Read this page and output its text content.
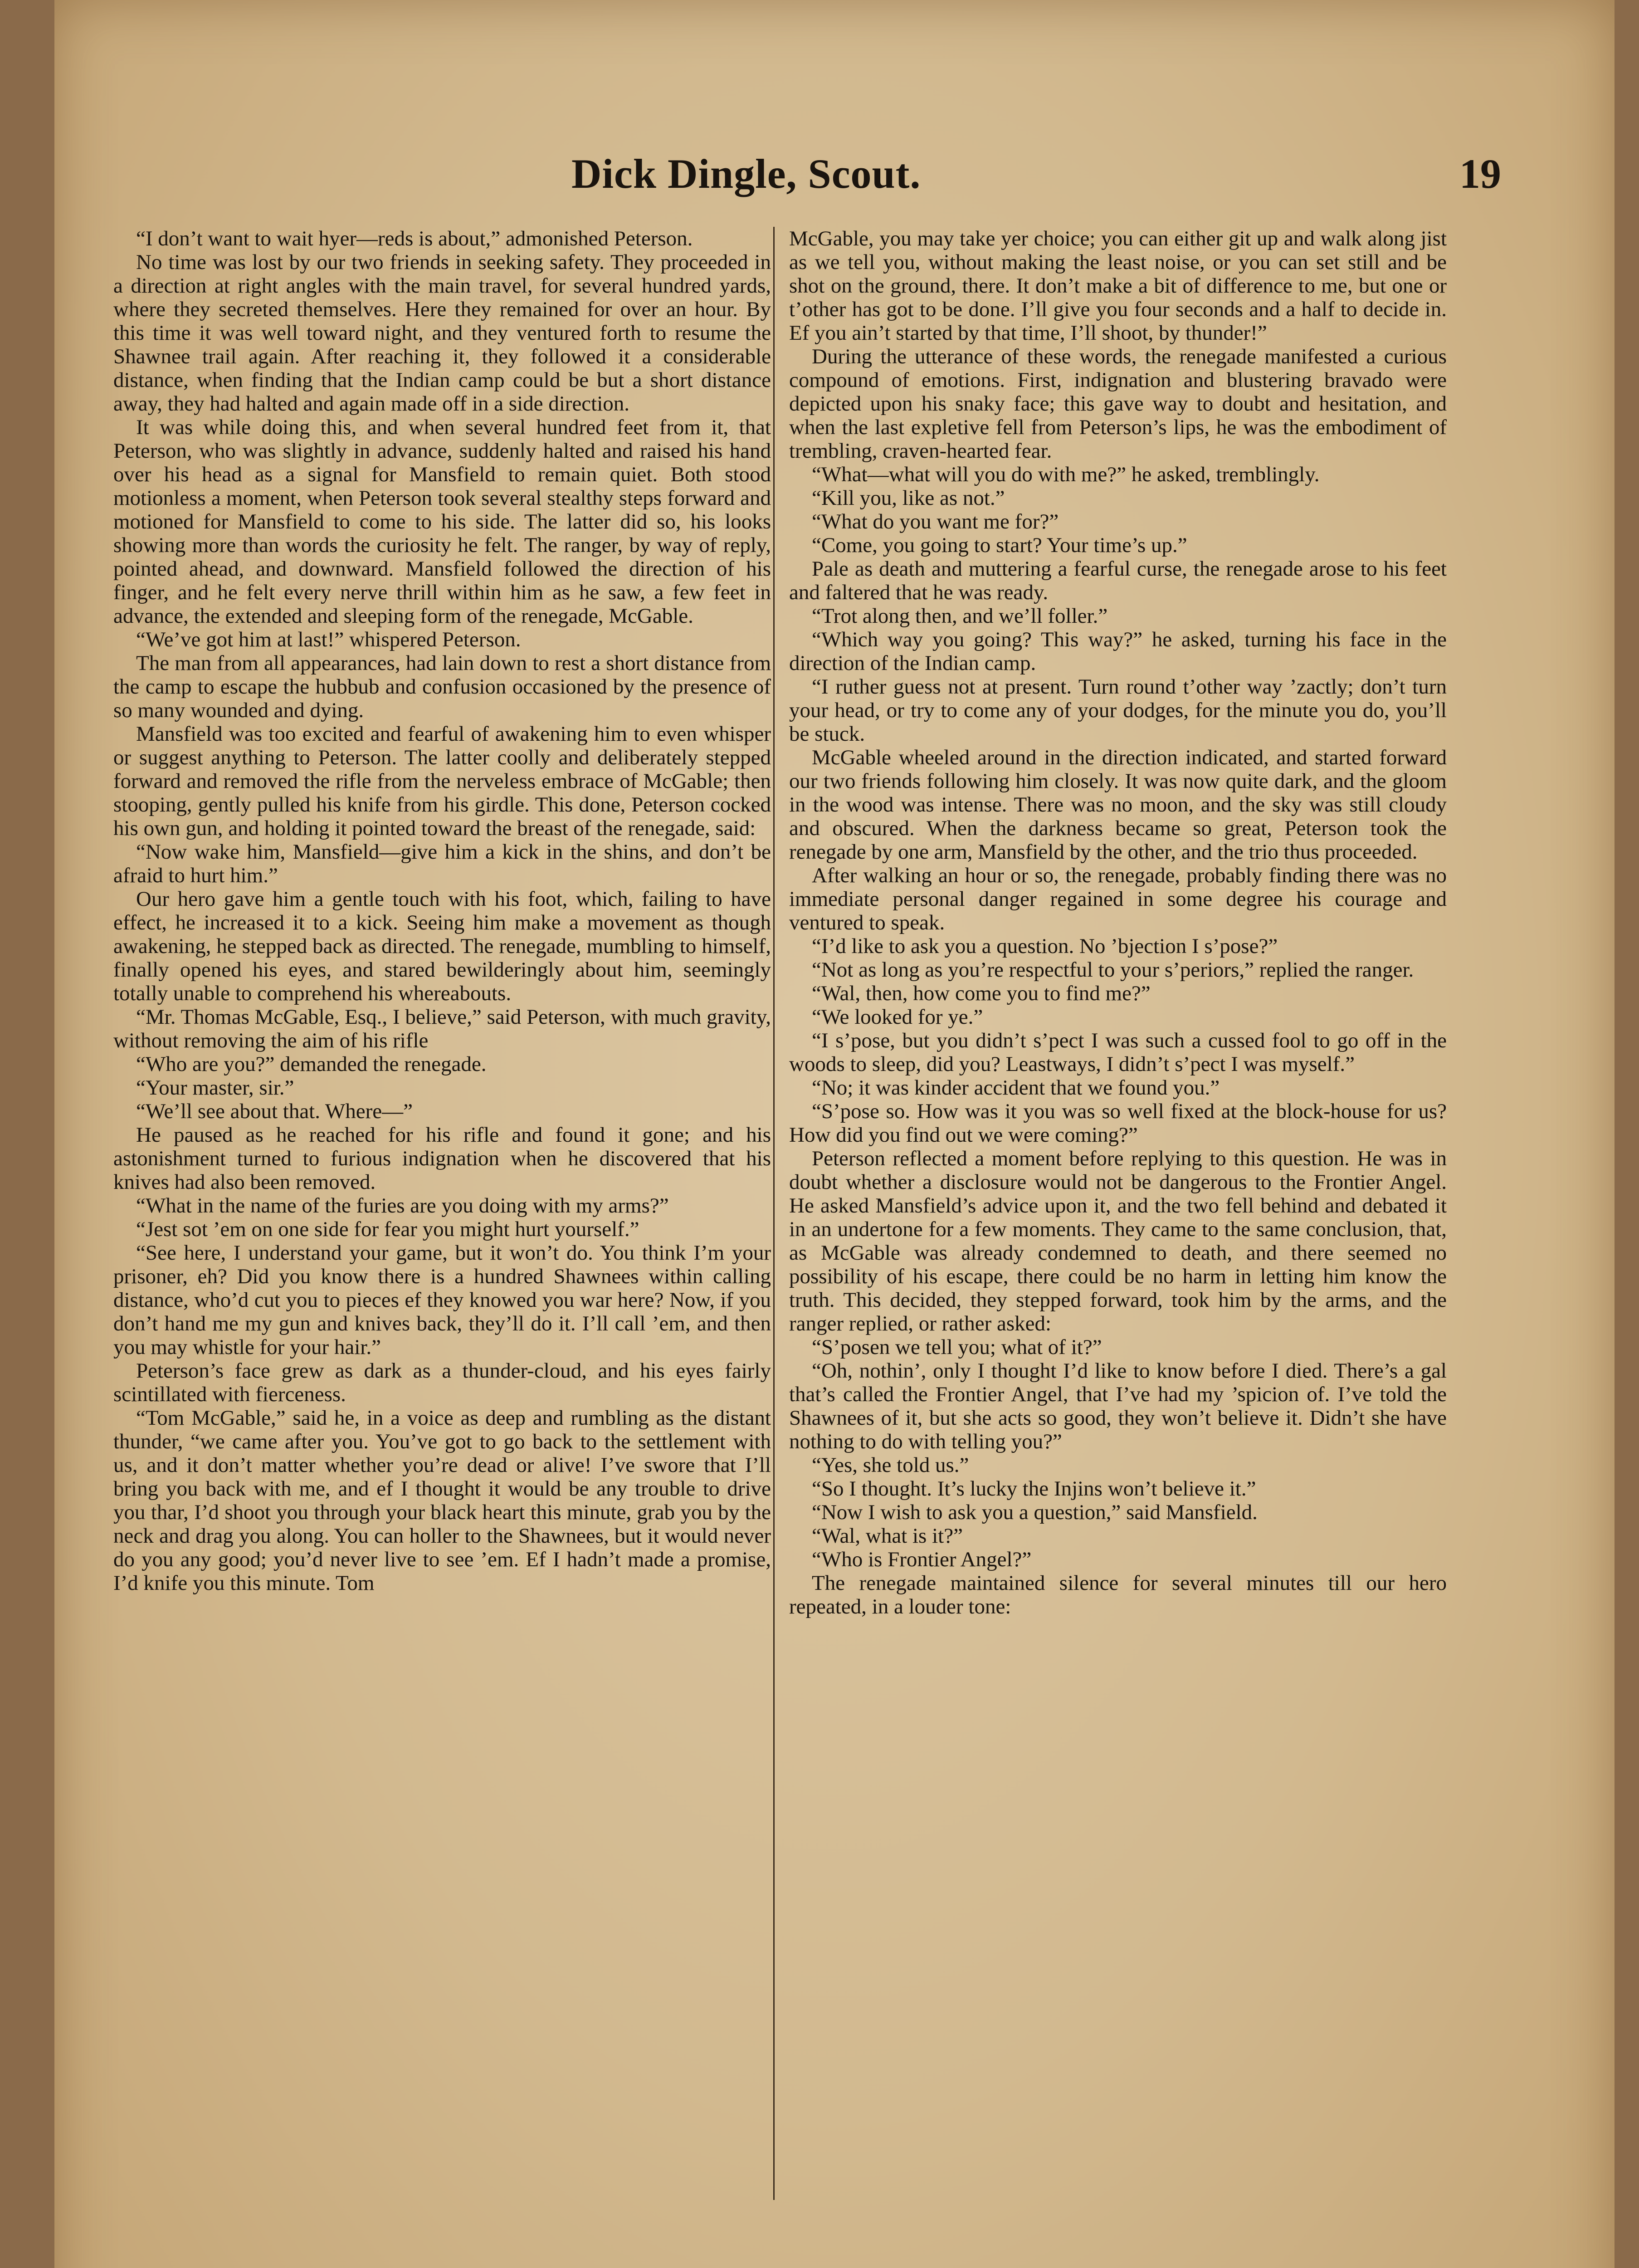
Dick Dingle, Scout.	19

“I don’t want to wait hyer—reds is about,” admonished Peterson.

No time was lost by our two friends in seeking safety. They proceeded in a direction at right angles with the main travel, for several hundred yards, where they secreted themselves. Here they remained for over an hour. By this time it was well toward night, and they ventured forth to resume the Shawnee trail again. After reaching it, they followed it a considerable distance, when finding that the Indian camp could be but a short distance away, they had halted and again made off in a side direction.

It was while doing this, and when several hundred feet from it, that Peterson, who was slightly in advance, suddenly halted and raised his hand over his head as a signal for Mansfield to remain quiet. Both stood motionless a moment, when Peterson took several stealthy steps forward and motioned for Mansfield to come to his side. The latter did so, his looks showing more than words the curiosity he felt. The ranger, by way of reply, pointed ahead, and downward. Mansfield followed the direction of his finger, and he felt every nerve thrill within him as he saw, a few feet in advance, the extended and sleeping form of the renegade, McGable.

“We’ve got him at last!” whispered Peterson.

The man from all appearances, had lain down to rest a short distance from the camp to escape the hubbub and confusion occasioned by the presence of so many wounded and dying.

Mansfield was too excited and fearful of awakening him to even whisper or suggest anything to Peterson. The latter coolly and deliberately stepped forward and removed the rifle from the nerveless embrace of McGable; then stooping, gently pulled his knife from his girdle. This done, Peterson cocked his own gun, and holding it pointed toward the breast of the renegade, said:

“Now wake him, Mansfield—give him a kick in the shins, and don’t be afraid to hurt him.”

Our hero gave him a gentle touch with his foot, which, failing to have effect, he increased it to a kick. Seeing him make a movement as though awakening, he stepped back as directed. The renegade, mumbling to himself, finally opened his eyes, and stared bewilderingly about him, seemingly totally unable to comprehend his whereabouts.

“Mr. Thomas McGable, Esq., I believe,” said Peterson, with much gravity, without removing the aim of his rifle

“Who are you?” demanded the renegade.

“Your master, sir.”

“We’ll see about that. Where—”

He paused as he reached for his rifle and found it gone; and his astonishment turned to furious indignation when he discovered that his knives had also been removed.

“What in the name of the furies are you doing with my arms?”

“Jest sot ’em on one side for fear you might hurt yourself.”

“See here, I understand your game, but it won’t do. You think I’m your prisoner, eh? Did you know there is a hundred Shawnees within calling distance, who’d cut you to pieces ef they knowed you war here? Now, if you don’t hand me my gun and knives back, they’ll do it. I’ll call ’em, and then you may whistle for your hair.”

Peterson’s face grew as dark as a thunder-cloud, and his eyes fairly scintillated with fierceness.

“Tom McGable,” said he, in a voice as deep and rumbling as the distant thunder, “we came after you. You’ve got to go back to the settlement with us, and it don’t matter whether you’re dead or alive! I’ve swore that I’ll bring you back with me, and ef I thought it would be any trouble to drive you thar, I’d shoot you through your black heart this minute, grab you by the neck and drag you along. You can holler to the Shawnees, but it would never do you any good; you’d never live to see ’em. Ef I hadn’t made a promise, I’d knife you this minute. Tom

McGable, you may take yer choice; you can either git up and walk along jist as we tell you, without making the least noise, or you can set still and be shot on the ground, there. It don’t make a bit of difference to me, but one or t’other has got to be done. I’ll give you four seconds and a half to decide in. Ef you ain’t started by that time, I’ll shoot, by thunder!”

During the utterance of these words, the renegade manifested a curious compound of emotions. First, indignation and blustering bravado were depicted upon his snaky face; this gave way to doubt and hesitation, and when the last expletive fell from Peterson’s lips, he was the embodiment of trembling, craven-hearted fear.

“What—what will you do with me?” he asked, tremblingly.

“Kill you, like as not.”

“What do you want me for?”

“Come, you going to start? Your time’s up.”

Pale as death and muttering a fearful curse, the renegade arose to his feet and faltered that he was ready.

“Trot along then, and we’ll foller.”

“Which way you going? This way?” he asked, turning his face in the direction of the Indian camp.

“I ruther guess not at present. Turn round t’other way ’zactly; don’t turn your head, or try to come any of your dodges, for the minute you do, you’ll be stuck.

McGable wheeled around in the direction indicated, and started forward our two friends following him closely. It was now quite dark, and the gloom in the wood was intense. There was no moon, and the sky was still cloudy and obscured. When the darkness became so great, Peterson took the renegade by one arm, Mansfield by the other, and the trio thus proceeded.

After walking an hour or so, the renegade, probably finding there was no immediate personal danger regained in some degree his courage and ventured to speak.

“I’d like to ask you a question. No ’bjection I s’pose?”

“Not as long as you’re respectful to your s’periors,” replied the ranger.

“Wal, then, how come you to find me?”

“We looked for ye.”

“I s’pose, but you didn’t s’pect I was such a cussed fool to go off in the woods to sleep, did you? Leastways, I didn’t s’pect I was myself.”

“No; it was kinder accident that we found you.”

“S’pose so. How was it you was so well fixed at the block-house for us? How did you find out we were coming?”

Peterson reflected a moment before replying to this question. He was in doubt whether a disclosure would not be dangerous to the Frontier Angel. He asked Mansfield’s advice upon it, and the two fell behind and debated it in an undertone for a few moments. They came to the same conclusion, that, as McGable was already condemned to death, and there seemed no possibility of his escape, there could be no harm in letting him know the truth. This decided, they stepped forward, took him by the arms, and the ranger replied, or rather asked:

“S’posen we tell you; what of it?”

“Oh, nothin’, only I thought I’d like to know before I died. There’s a gal that’s called the Frontier Angel, that I’ve had my ’spicion of. I’ve told the Shawnees of it, but she acts so good, they won’t believe it. Didn’t she have nothing to do with telling you?”

“Yes, she told us.”

“So I thought. It’s lucky the Injins won’t believe it.”

“Now I wish to ask you a question,” said Mansfield.

“Wal, what is it?”

“Who is Frontier Angel?”

The renegade maintained silence for several minutes till our hero repeated, in a louder tone:
